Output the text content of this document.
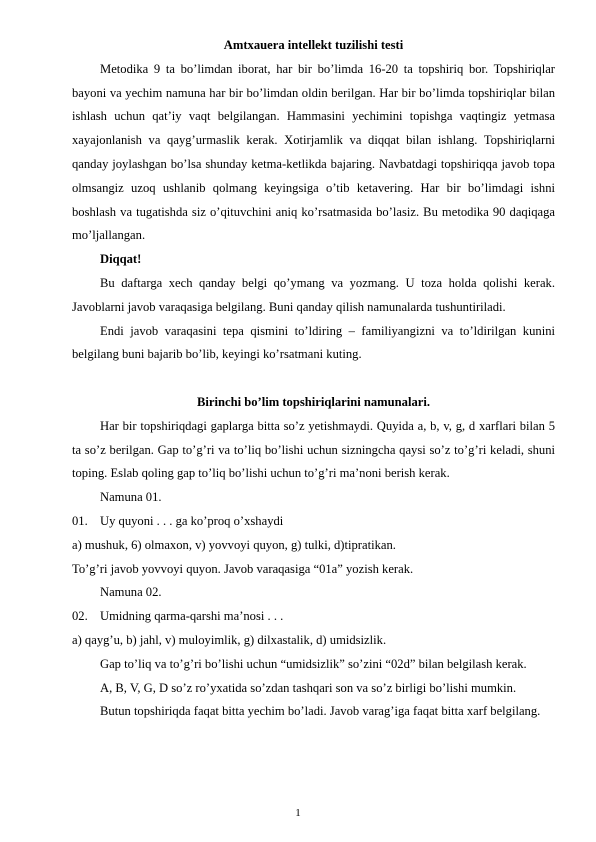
Amtxauera intellekt tuzilishi testi

Metodika 9 ta bo’limdan iborat, har bir bo’limda 16-20 ta topshiriq bor. Topshiriqlar bayoni va yechim namuna har bir bo’limdan oldin berilgan. Har bir bo’limda topshiriqlar bilan ishlash uchun qat’iy vaqt belgilangan. Hammasini yechimini topishga vaqtingiz yetmasa xayajonlanish va qayg’urmaslik kerak. Xotirjamlik va diqqat bilan ishlang. Topshiriqlarni qanday joylashgan bo’lsa shunday ketma-ketlikda bajaring. Navbatdagi topshiriqqa javob topa olmsangiz uzoq ushlanib qolmang keyingsiga o’tib ketavering. Har bir bo’limdagi ishni boshlash va tugatishda siz o’qituvchini aniq ko’rsatmasida bo’lasiz. Bu metodika 90 daqiqaga mo’ljallangan.

Diqqat!

Bu daftarga xech qanday belgi qo’ymang va yozmang. U toza holda qolishi kerak. Javoblarni javob varaqasiga belgilang. Buni qanday qilish namunalarda tushuntiriladi.

Endi javob varaqasini tepa qismini to’ldiring – familiyangizni va to’ldirilgan kunini belgilang buni bajarib bo’lib, keyingi ko’rsatmani kuting.

Birinchi bo’lim topshiriqlarini namunalari.

Har bir topshiriqdagi gaplarga bitta so’z yetishmaydi. Quyida a, b, v, g, d xarflari bilan 5 ta so’z berilgan. Gap to’g’ri va to’liq bo’lishi uchun sizningcha qaysi so’z to’g’ri keladi, shuni toping. Eslab qoling gap to’liq bo’lishi uchun to’g’ri ma’noni berish kerak.

Namuna 01.

01. Uy quyoni . . . ga ko’proq o’xshaydi

a) mushuk, 6) olmaxon, v) yovvoyi quyon, g) tulki, d)tipratikan.

To’g’ri javob yovvoyi quyon. Javob varaqasiga “01a” yozish kerak.

Namuna 02.

02. Umidning qarma-qarshi ma’nosi . . .

a) qayg’u, b) jahl, v) muloyimlik, g) dilxastalik, d) umidsizlik.

Gap to’liq va to’g’ri bo’lishi uchun “umidsizlik” so’zini “02d” bilan belgilash kerak.

A, B, V, G, D so’z ro’yxatida so’zdan tashqari son va so’z birligi bo’lishi mumkin.

Butun topshiriqda faqat bitta yechim bo’ladi. Javob varag’iga faqat bitta xarf belgilang.

1
